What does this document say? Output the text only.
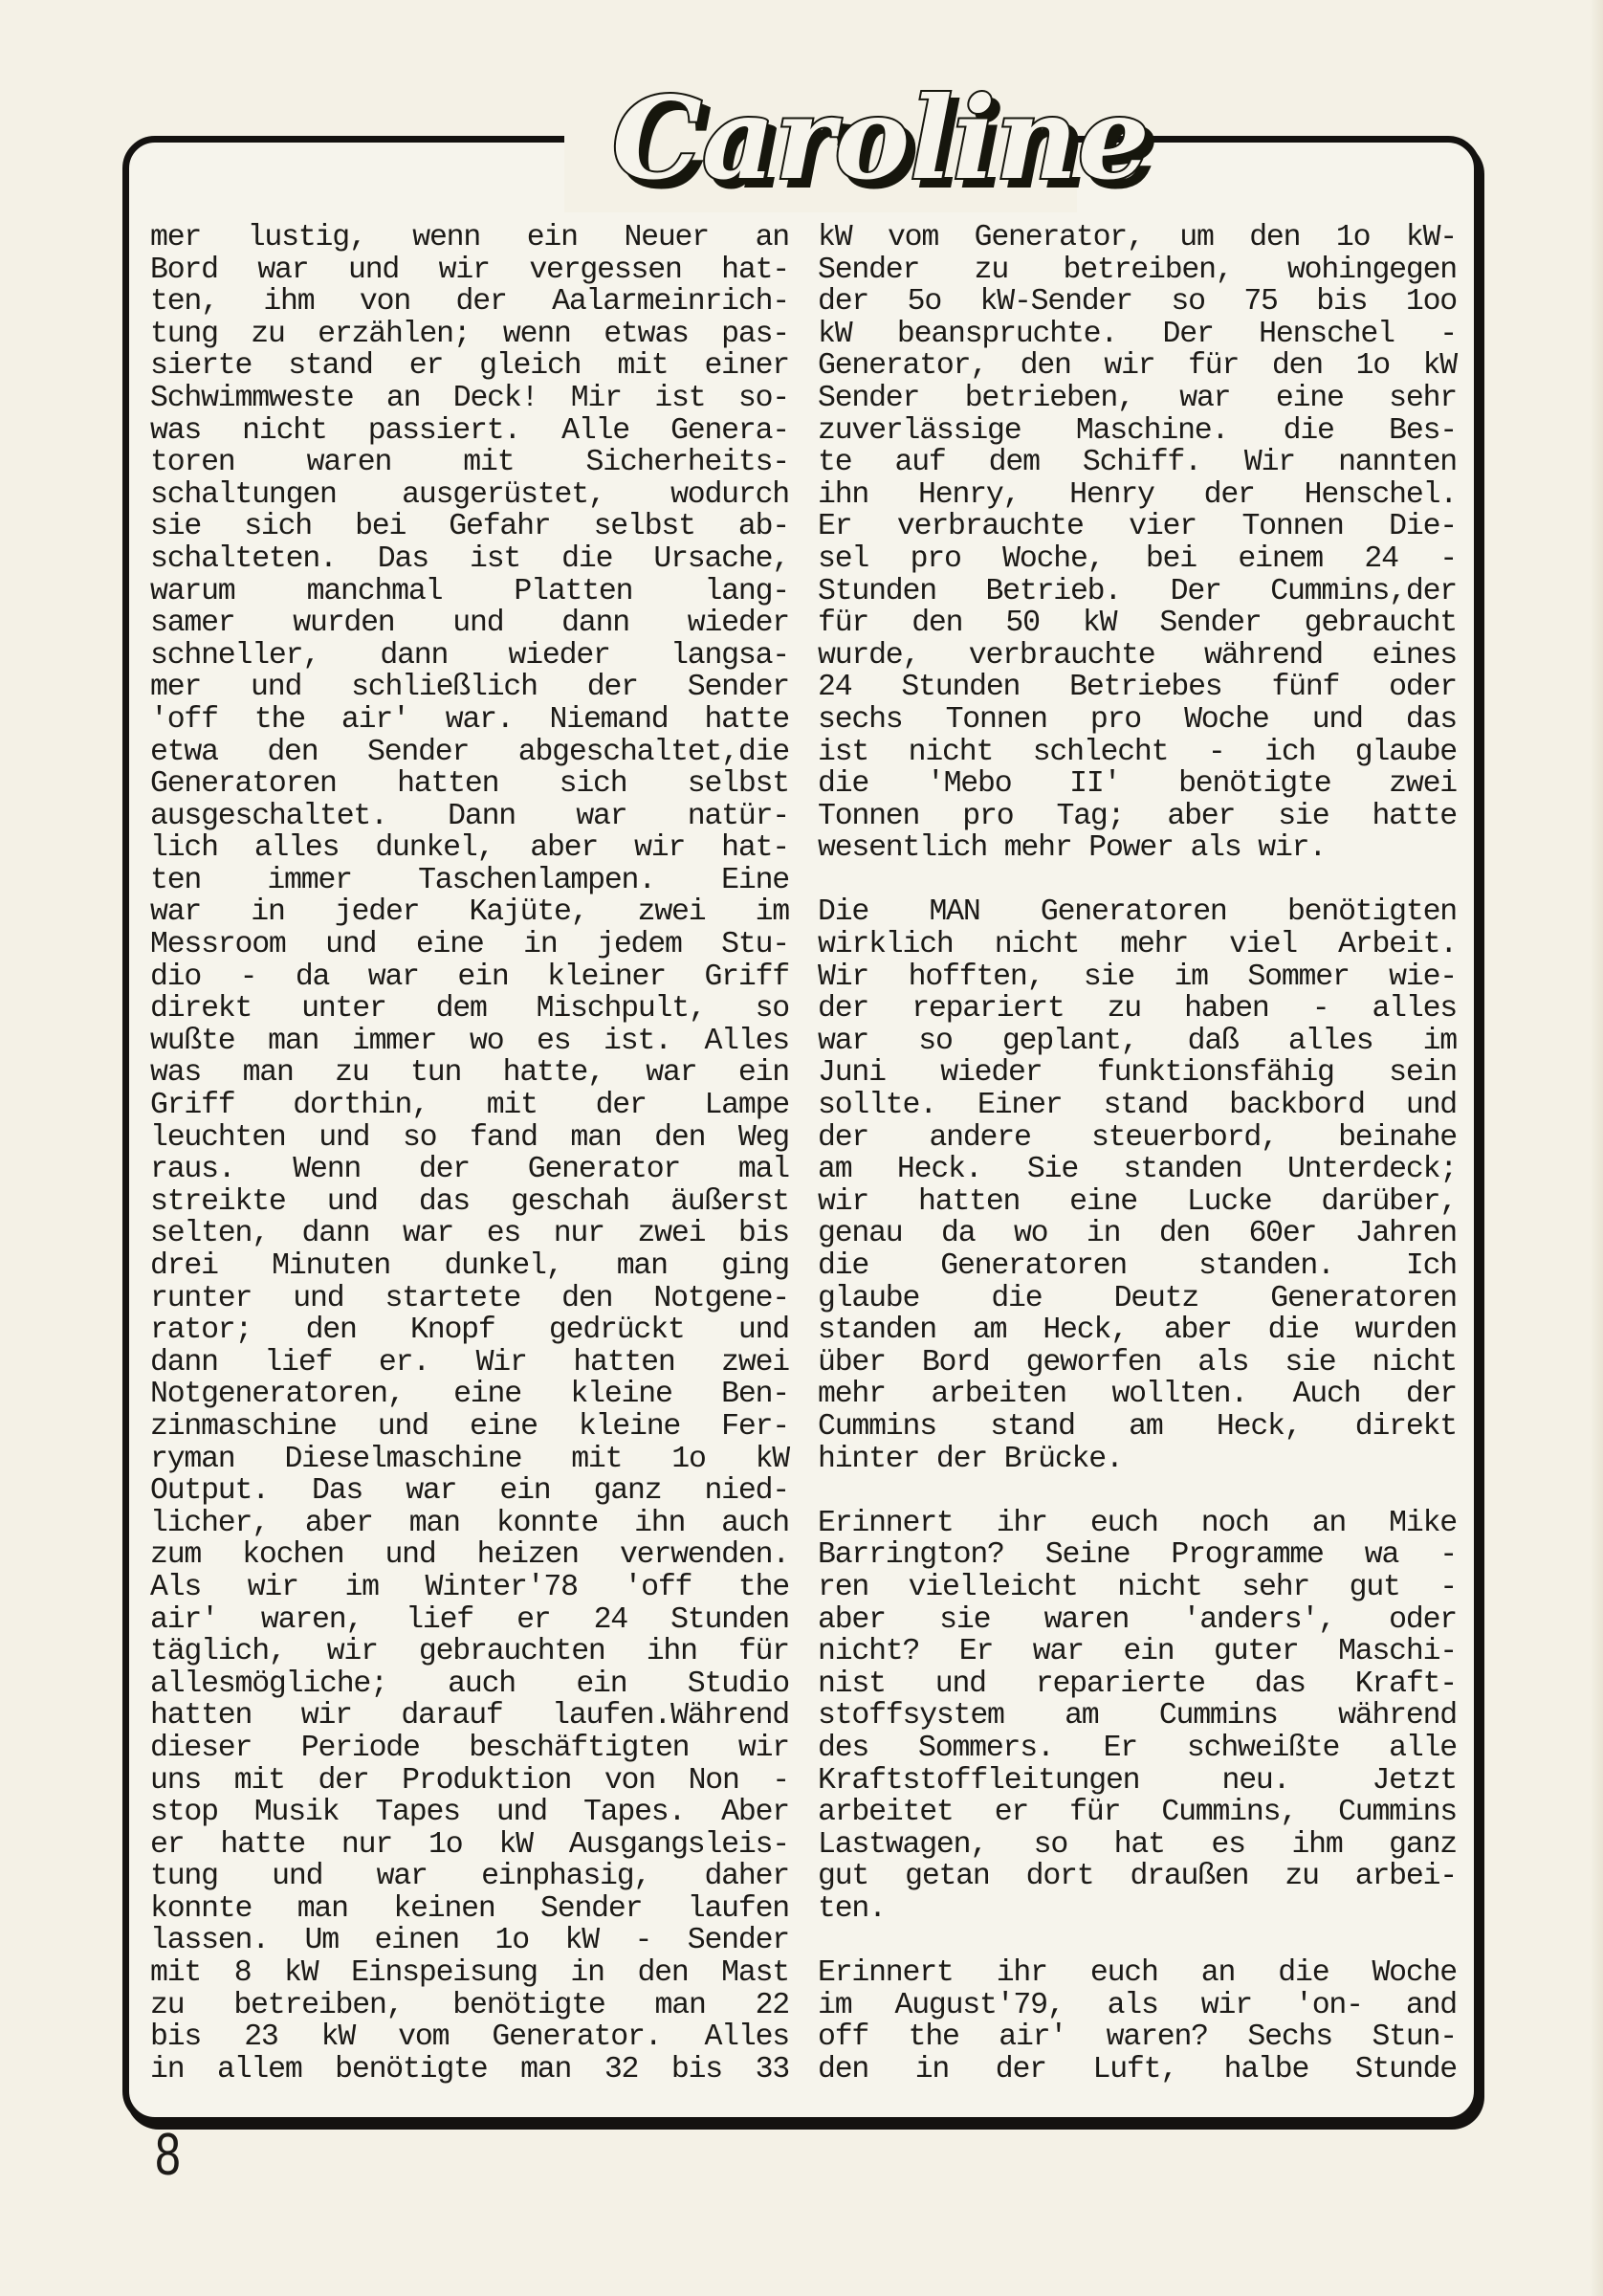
Caroline
mer lustig, wenn ein Neuer an
Bord war und wir vergessen hat-
ten, ihm von der Aalarmeinrich-
tung zu erzählen; wenn etwas pas-
sierte stand er gleich mit einer
Schwimmweste an Deck! Mir ist so-
was nicht passiert. Alle Genera-
toren waren mit Sicherheits-
schaltungen ausgerüstet, wodurch
sie sich bei Gefahr selbst ab-
schalteten. Das ist die Ursache,
warum manchmal Platten lang-
samer wurden und dann wieder
schneller, dann wieder langsa-
mer und schließlich der Sender
'off the air' war. Niemand hatte
etwa den Sender abgeschaltet,die
Generatoren hatten sich selbst
ausgeschaltet. Dann war natür-
lich alles dunkel, aber wir hat-
ten immer Taschenlampen. Eine
war in jeder Kajüte, zwei im
Messroom und eine in jedem Stu-
dio - da war ein kleiner Griff
direkt unter dem Mischpult, so
wußte man immer wo es ist. Alles
was man zu tun hatte, war ein
Griff dorthin, mit der Lampe
leuchten und so fand man den Weg
raus. Wenn der Generator mal
streikte und das geschah äußerst
selten, dann war es nur zwei bis
drei Minuten dunkel, man ging
runter und startete den Notgene-
rator; den Knopf gedrückt und
dann lief er. Wir hatten zwei
Notgeneratoren, eine kleine Ben-
zinmaschine und eine kleine Fer-
ryman Dieselmaschine mit 1o kW
Output. Das war ein ganz nied-
licher, aber man konnte ihn auch
zum kochen und heizen verwenden.
Als wir im Winter'78 'off the
air' waren, lief er 24 Stunden
täglich, wir gebrauchten ihn für
allesmögliche; auch ein Studio
hatten wir darauf laufen.Während
dieser Periode beschäftigten wir
uns mit der Produktion von Non -
stop Musik Tapes und Tapes. Aber
er hatte nur 1o kW Ausgangsleis-
tung und war einphasig, daher
konnte man keinen Sender laufen
lassen. Um einen 1o kW - Sender
mit 8 kW Einspeisung in den Mast
zu betreiben, benötigte man 22
bis 23 kW vom Generator. Alles
in allem benötigte man 32 bis 33
kW vom Generator, um den 1o kW-
Sender zu betreiben, wohingegen
der 5o kW-Sender so 75 bis 1oo
kW beanspruchte. Der Henschel -
Generator, den wir für den 1o kW
Sender betrieben, war eine sehr
zuverlässige Maschine. die Bes-
te auf dem Schiff. Wir nannten
ihn Henry, Henry der Henschel.
Er verbrauchte vier Tonnen Die-
sel pro Woche, bei einem 24 -
Stunden Betrieb. Der Cummins,der
für den 50 kW Sender gebraucht
wurde, verbrauchte während eines
24 Stunden Betriebes fünf oder
sechs Tonnen pro Woche und das
ist nicht schlecht - ich glaube
die 'Mebo II' benötigte zwei
Tonnen pro Tag; aber sie hatte
wesentlich mehr Power als wir.
Die MAN Generatoren benötigten
wirklich nicht mehr viel Arbeit.
Wir hofften, sie im Sommer wie-
der repariert zu haben - alles
war so geplant, daß alles im
Juni wieder funktionsfähig sein
sollte. Einer stand backbord und
der andere steuerbord, beinahe
am Heck. Sie standen Unterdeck;
wir hatten eine Lucke darüber,
genau da wo in den 60er Jahren
die Generatoren standen. Ich
glaube die Deutz Generatoren
standen am Heck, aber die wurden
über Bord geworfen als sie nicht
mehr arbeiten wollten. Auch der
Cummins stand am Heck, direkt
hinter der Brücke.
Erinnert ihr euch noch an Mike
Barrington? Seine Programme wa -
ren vielleicht nicht sehr gut -
aber sie waren 'anders', oder
nicht? Er war ein guter Maschi-
nist und reparierte das Kraft-
stoffsystem am Cummins während
des Sommers. Er schweißte alle
Kraftstoffleitungen neu. Jetzt
arbeitet er für Cummins, Cummins
Lastwagen, so hat es ihm ganz
gut getan dort draußen zu arbei-
ten.
Erinnert ihr euch an die Woche
im August'79, als wir 'on- and
off the air' waren? Sechs Stun-
den in der Luft, halbe Stunde
8
